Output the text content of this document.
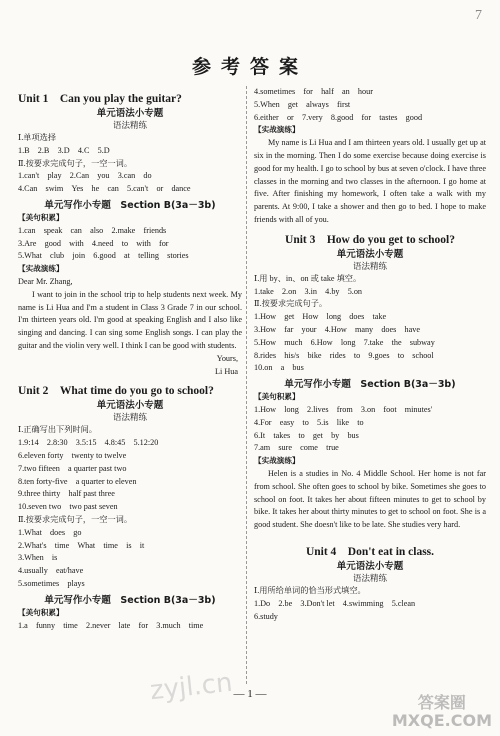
7
参考答案
Unit 1　Can you play the guitar?
单元语法小专题
语法精练
Ⅰ.单项选择
1.B　2.B　3.D　4.C　5.D
Ⅱ.按要求完成句子，一空一词。
1.can't　play　2.Can　you　3.can　do
4.Can　swim　Yes　he　can　5.can't　or　dance
单元写作小专题　Section B(3a－3b)
【美句积累】
1.can　speak　can　also　2.make　friends
3.Are　good　with　4.need　to　with　for
5.What　club　join　6.good　at　telling　stories
【实战演练】
Dear Mr. Zhang,
I want to join in the school trip to help students next week. My name is Li Hua and I'm a student in Class 3 Grade 7 in our school. I'm thirteen years old. I'm good at speaking English and I also like singing and dancing. I can sing some English songs. I can play the guitar and the violin very well. I think I can be good with students.
Yours,
Li Hua
Unit 2　What time do you go to school?
单元语法小专题
语法精练
Ⅰ.正确写出下列时间。
1.9:14　2.8:30　3.5:15　4.8:45　5.12:20
6.eleven forty　twenty to twelve
7.two fifteen　a quarter past two
8.ten forty-five　a quarter to eleven
9.three thirty　half past three
10.seven two　two past seven
Ⅱ.按要求完成句子，一空一词。
1.What　does　go
2.What's　time　What　time　is　it
3.When　is
4.usually　eat/have
5.sometimes　plays
单元写作小专题　Section B(3a－3b)
【美句积累】
1.a　funny　time　2.never　late　for　3.much　time
4.sometimes　for　half　an　hour
5.When　get　always　first
6.either　or　7.very　8.good　for　tastes　good
【实战演练】
My name is Li Hua and I am thirteen years old. I usually get up at six in the morning. Then I do some exercise because doing exercise is good for my health. I go to school by bus at seven o'clock. I have three classes in the morning and two classes in the afternoon. I go home at five. After finishing my homework, I often take a walk with my parents. At 9:00, I take a shower and then go to bed. I hope to make friends with all of you.
Unit 3　How do you get to school?
单元语法小专题
语法精练
Ⅰ.用 by、in、on 或 take 填空。
1.take　2.on　3.in　4.by　5.on
Ⅱ.按要求完成句子。
1.How　get　How　long　does　take
3.How　far　your　4.How　many　does　have
5.How　much　6.How　long　7.take　the　subway
8.rides　his/s　bike　rides　to　9.goes　to　school
10.on　a　bus
单元写作小专题　Section B(3a－3b)
【美句积累】
1.How　long　2.lives　from　3.on　foot　minutes'
4.For　easy　to　5.is　like　to
6.It　takes　to　get　by　bus
7.am　sure　come　true
【实战演练】
Helen is a studies in No. 4 Middle School. Her home is not far from school. She often goes to school by bike. Sometimes she goes to school on foot. It takes her about fifteen minutes to get to school by bike. It takes her about thirty minutes to get to school on foot. She is a good student. She doesn't like to be late. She studies very hard.
Unit 4　Don't eat in class.
单元语法小专题
语法精练
Ⅰ.用所给单词的恰当形式填空。
1.Do　2.be　3.Don't let　4.swimming　5.clean
6.study
zyjl.cn — 1 —	答案圈
MXQE.COM
